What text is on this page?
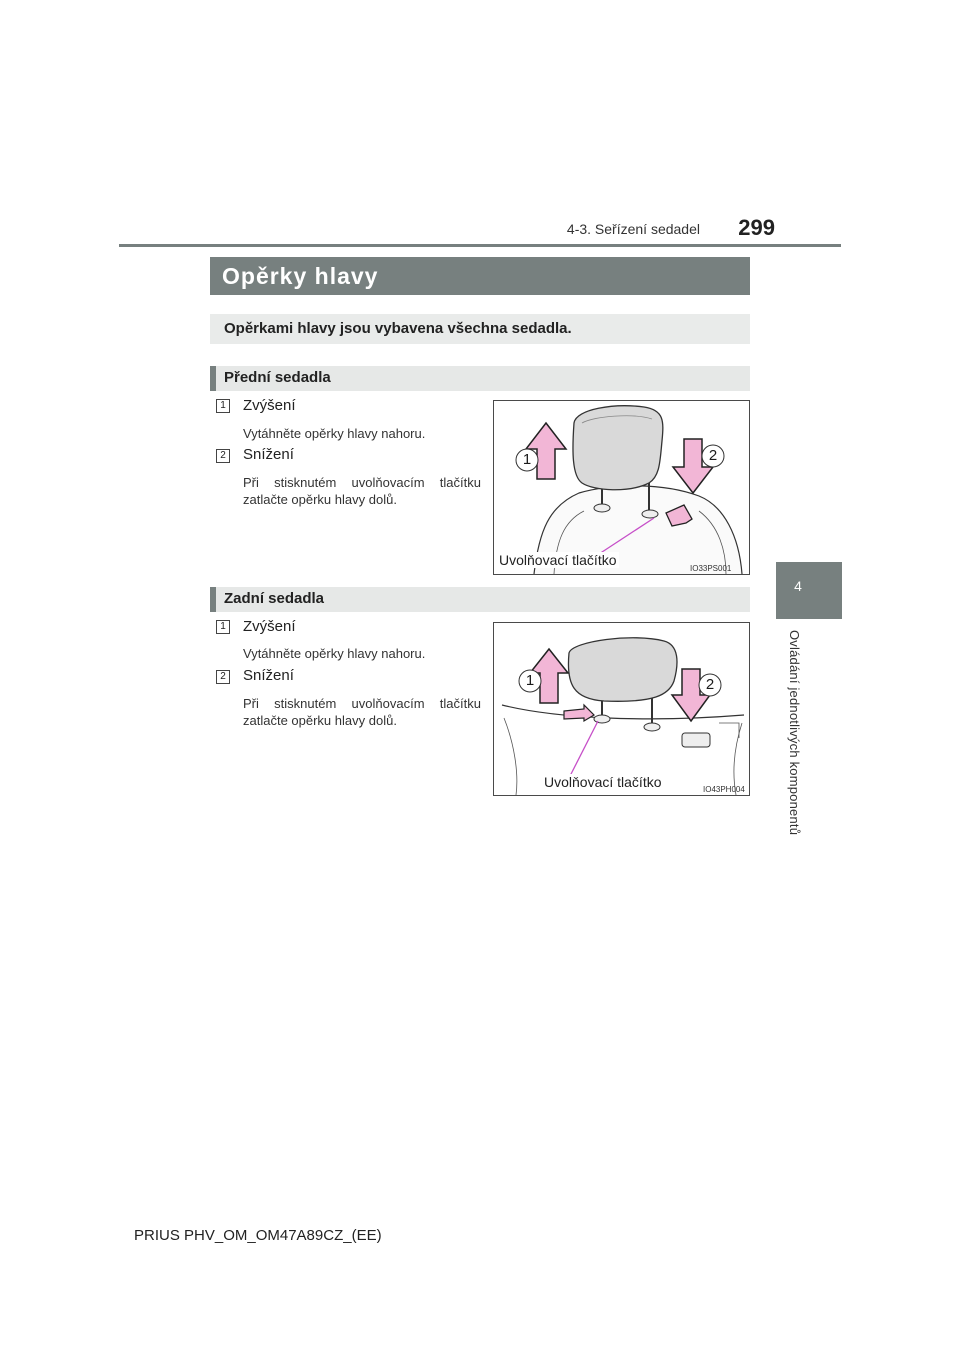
4-3. Seřízení sedadel	299
4
Ovládání jednotlivých komponentů
Opěrky hlavy
Opěrkami hlavy jsou vybavena všechna sedadla.
Přední sedadla
1 Zvýšení
Vytáhněte opěrky hlavy nahoru.
2 Snížení
Při stisknutém uvolňovacím tlačítku zatlačte opěrku hlavy dolů.
1	2
Uvolňovací tlačítko
IO33PS001
Zadní sedadla
1 Zvýšení
Vytáhněte opěrky hlavy nahoru.
2 Snížení
Při stisknutém uvolňovacím tlačítku zatlačte opěrku hlavy dolů.
1	2
Uvolňovací tlačítko	IO43PH004
PRIUS PHV_OM_OM47A89CZ_(EE)
